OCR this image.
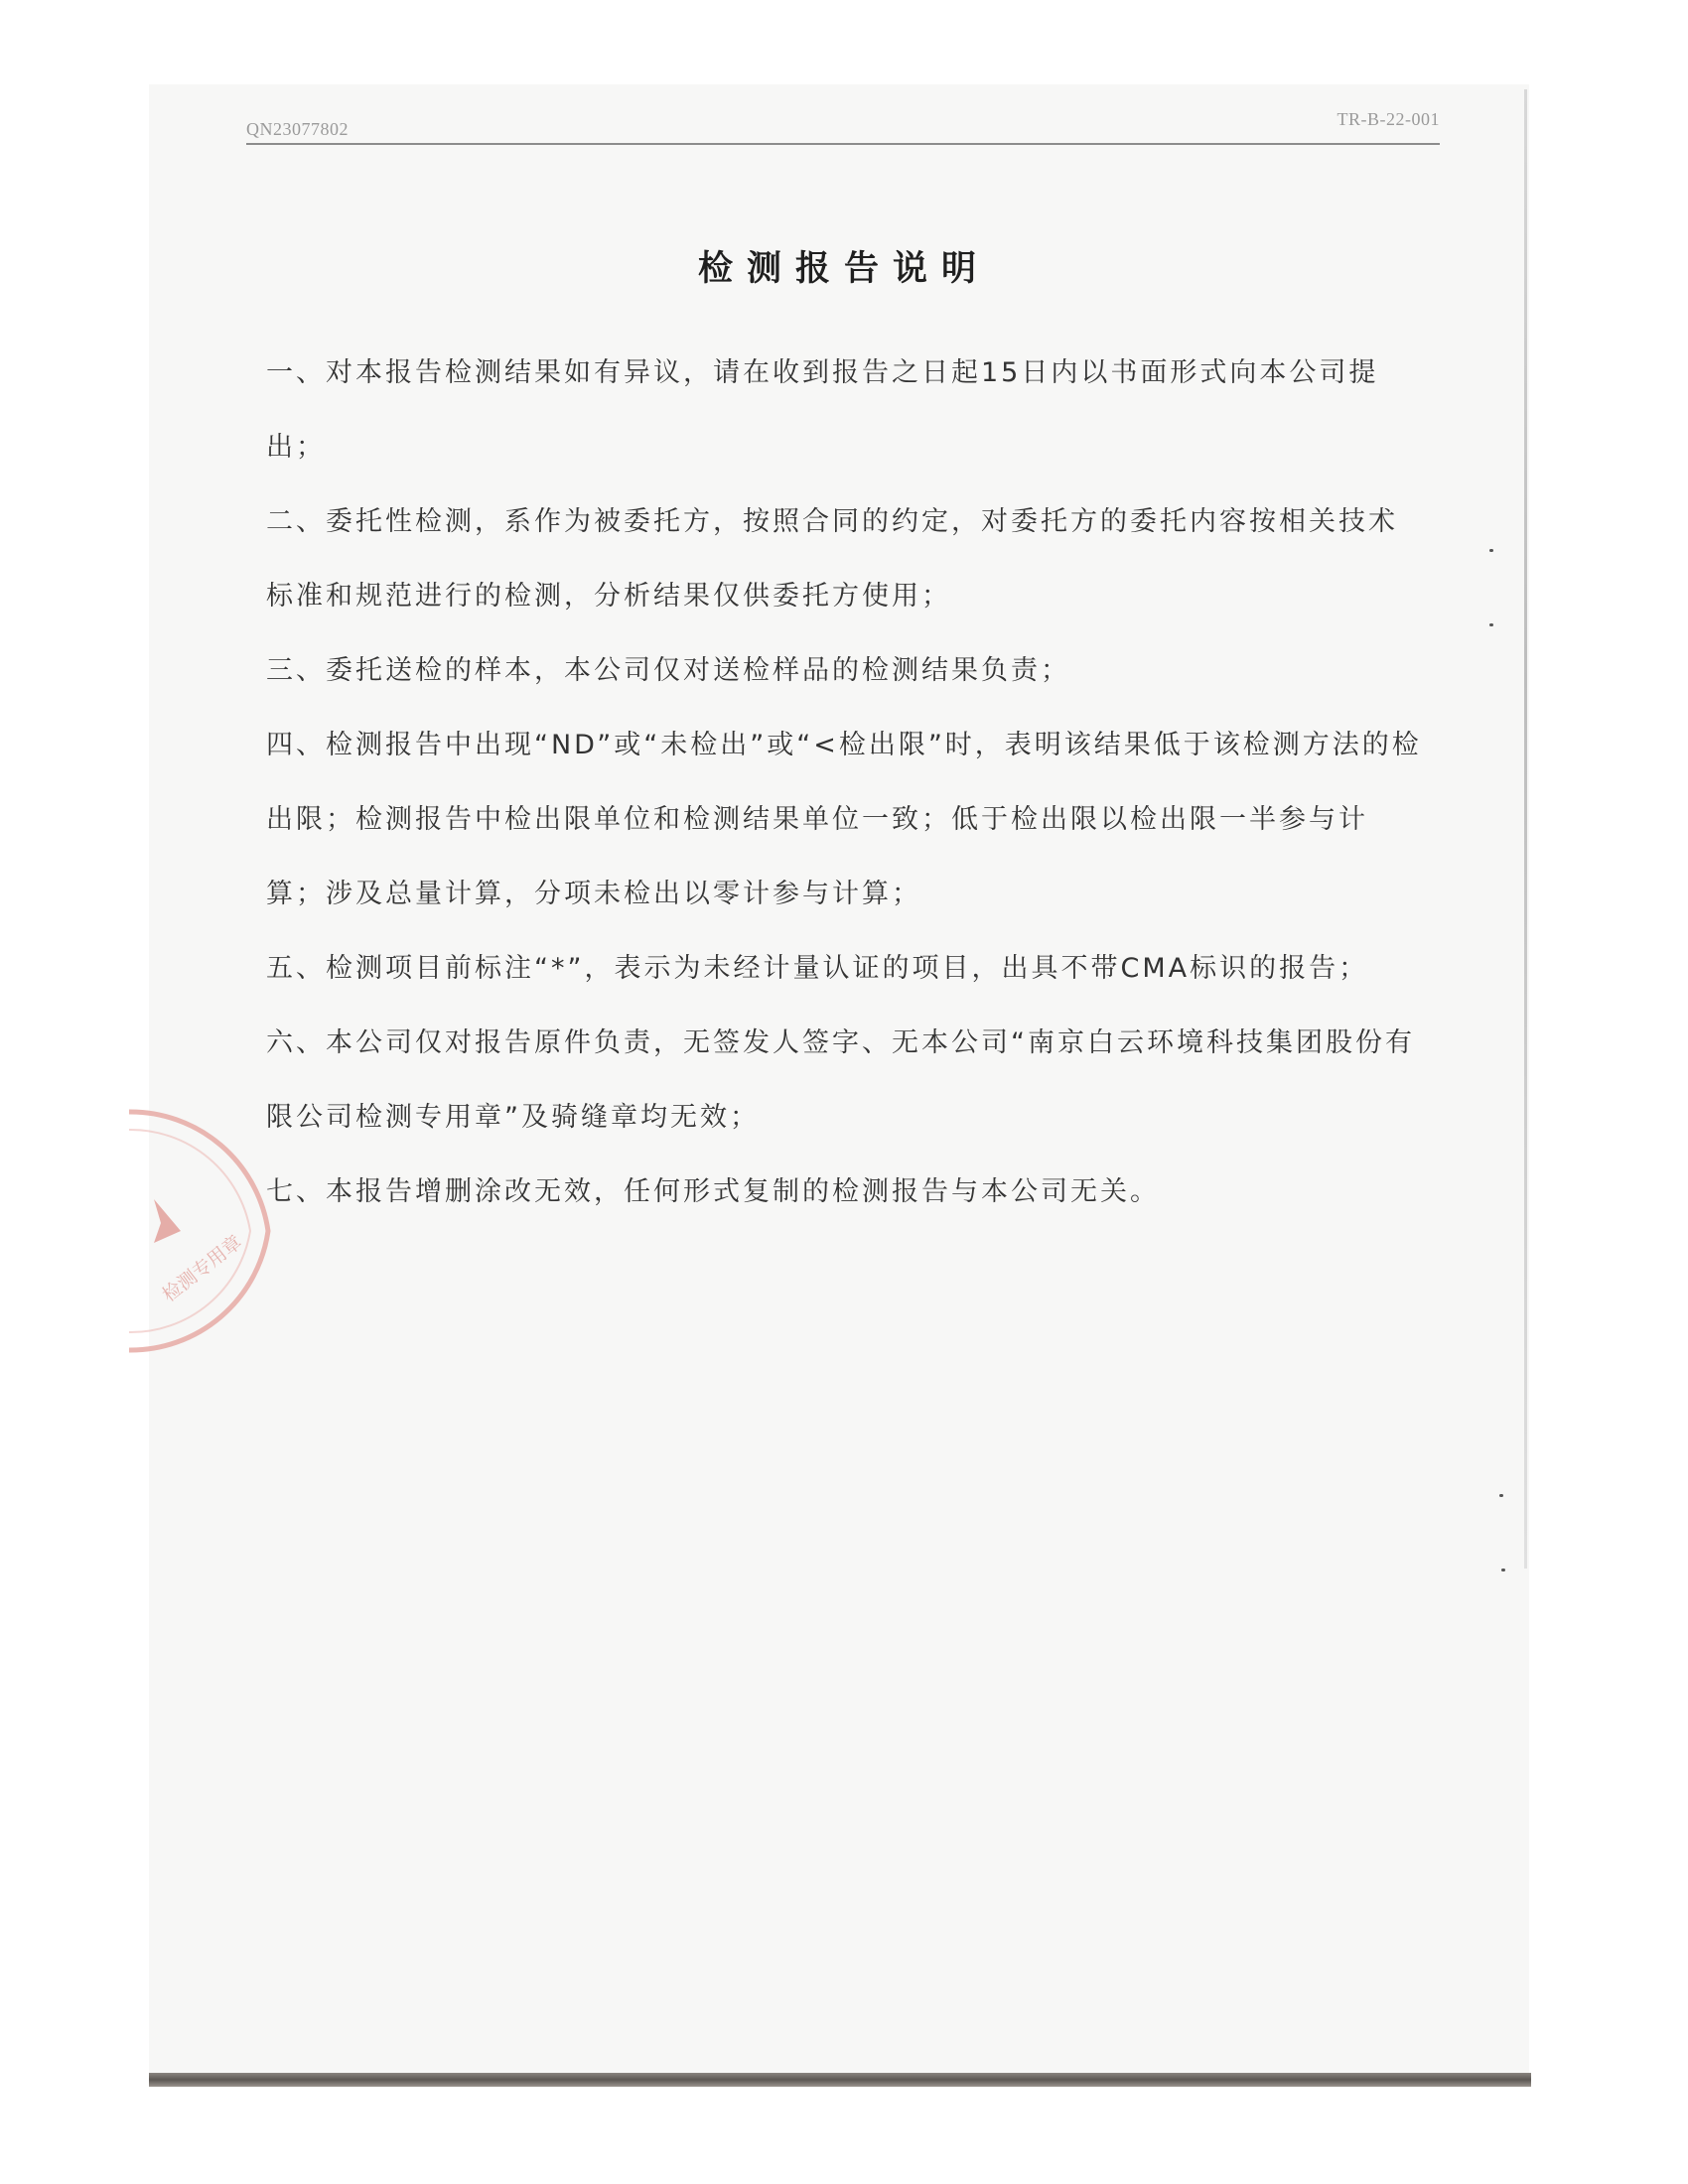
QN23077802	TR-B-22-001
检测报告说明

一、对本报告检测结果如有异议，请在收到报告之日起15日内以书面形式向本公司提出；

二、委托性检测，系作为被委托方，按照合同的约定，对委托方的委托内容按相关技术标准和规范进行的检测，分析结果仅供委托方使用；

三、委托送检的样本，本公司仅对送检样品的检测结果负责；

四、检测报告中出现“ND”或“未检出”或“<检出限”时，表明该结果低于该检测方法的检出限；检测报告中检出限单位和检测结果单位一致；低于检出限以检出限一半参与计算；涉及总量计算，分项未检出以零计参与计算；

五、检测项目前标注“*”，表示为未经计量认证的项目，出具不带CMA标识的报告；

六、本公司仅对报告原件负责，无签发人签字、无本公司“南京白云环境科技集团股份有限公司检测专用章”及骑缝章均无效；

七、本报告增删涂改无效，任何形式复制的检测报告与本公司无关。

检测专用章
